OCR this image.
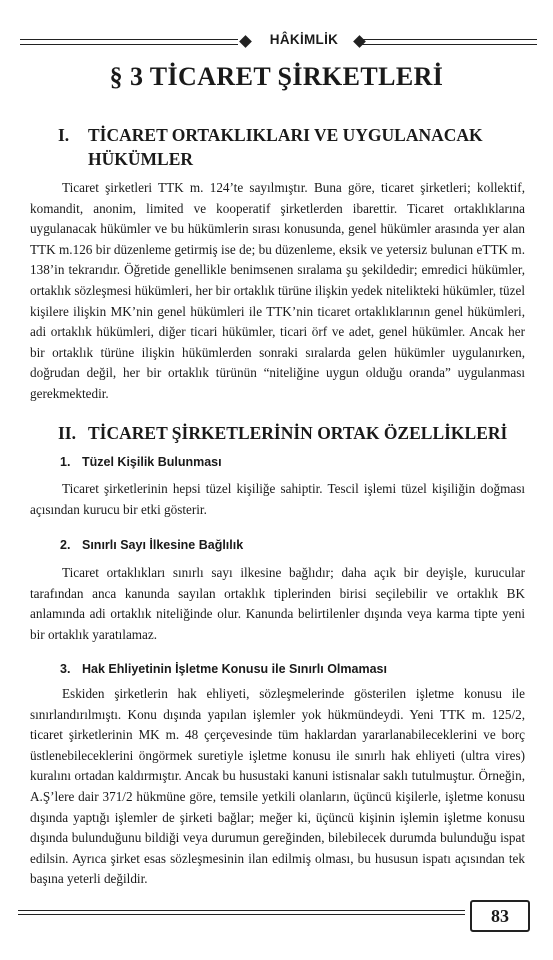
HÂKİMLİK
§ 3 TİCARET ŞİRKETLERİ
I. TİCARET ORTAKLIKLARI VE UYGULANACAK
HÜKÜMLER

Ticaret şirketleri TTK m. 124’te sayılmıştır. Buna göre, ticaret şirketleri; kollektif, komandit, anonim, limited ve kooperatif şirketlerden ibarettir. Ticaret ortaklıklarına uygulanacak hükümler ve bu hükümlerin sırası konusunda, genel hükümler arasında yer alan TTK m.126 bir düzenleme getirmiş ise de; bu düzenleme, eksik ve yetersiz bulunan eTTK m. 138’in tekrarıdır. Öğretide genellikle benimsenen sıralama şu şekildedir; emredici hükümler, ortaklık sözleşmesi hükümleri, her bir ortaklık türüne ilişkin yedek nitelikteki hükümler, tüzel kişilere ilişkin MK’nin genel hükümleri ile TTK’nin ticaret ortaklıklarının genel hükümleri, adi ortaklık hükümleri, diğer ticari hükümler, ticari örf ve adet, genel hükümler. Ancak her bir ortaklık türüne ilişkin hükümlerden sonraki sıralarda gelen hükümler uygulanırken, doğrudan değil, her bir ortaklık türünün “niteliğine uygun olduğu oranda” uygulanması gerekmektedir.

II. TİCARET ŞİRKETLERİNİN ORTAK ÖZELLİKLERİ
1. Tüzel Kişilik Bulunması

Ticaret şirketlerinin hepsi tüzel kişiliğe sahiptir. Tescil işlemi tüzel kişiliğin doğması açısından kurucu bir etki gösterir.

2. Sınırlı Sayı İlkesine Bağlılık

Ticaret ortaklıkları sınırlı sayı ilkesine bağlıdır; daha açık bir deyişle, kurucular tarafından anca kanunda sayılan ortaklık tiplerinden birisi seçilebilir ve ortaklık BK anlamında adi ortaklık niteliğinde olur. Kanunda belirtilenler dışında veya karma tipte yeni bir ortaklık yaratılamaz.

3. Hak Ehliyetinin İşletme Konusu ile Sınırlı Olmaması

Eskiden şirketlerin hak ehliyeti, sözleşmelerinde gösterilen işletme konusu ile sınırlandırılmıştı. Konu dışında yapılan işlemler yok hükmündeydi. Yeni TTK m. 125/2, ticaret şirketlerinin MK m. 48 çerçevesinde tüm haklardan yararlanabileceklerini ve borç üstlenebileceklerini öngörmek suretiyle işletme konusu ile sınırlı hak ehliyeti (ultra vires) kuralını ortadan kaldırmıştır. Ancak bu husustaki kanuni istisnalar saklı tutulmuştur. Örneğin, A.Ş’lere dair 371/2 hükmüne göre, temsile yetkili olanların, üçüncü kişilerle, işletme konusu dışında yaptığı işlemler de şirketi bağlar; meğer ki, üçüncü kişinin işlemin işletme konusu dışında bulunduğunu bildiği veya durumun gereğinden, bilebilecek durumda bulunduğu ispat edilsin. Ayrıca şirket esas sözleşmesinin ilan edilmiş olması, bu hususun ispatı açısından tek başına yeterli değildir.

83
